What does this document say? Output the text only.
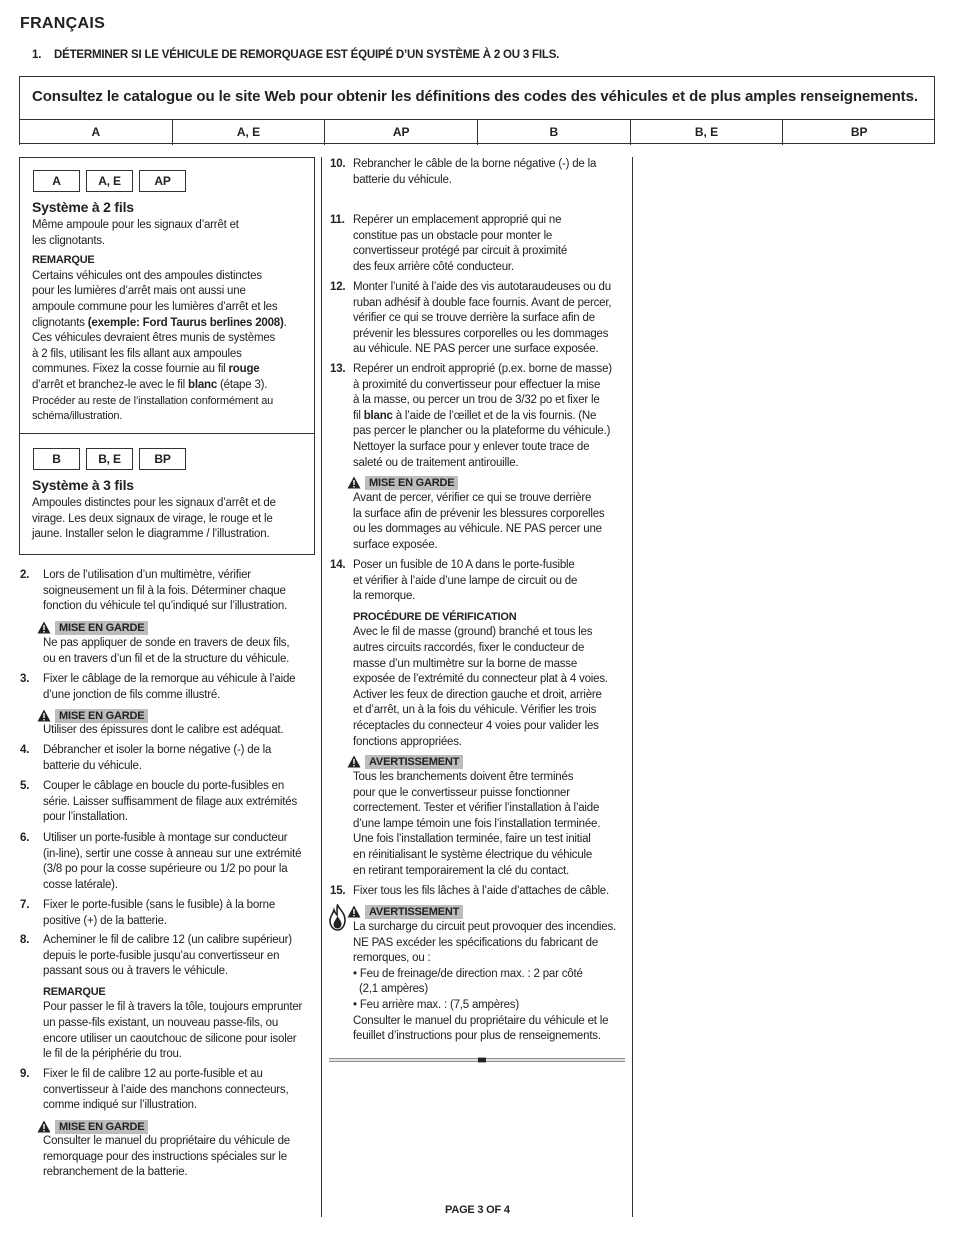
FRANÇAIS
1. DÉTERMINER SI LE VÉHICULE DE REMORQUAGE EST ÉQUIPÉ D’UN SYSTÈME À 2 OU 3 FILS.
Consultez le catalogue ou le site Web pour obtenir les définitions des codes des véhicules et de plus amples renseignements.
A	A, E	AP	B	B, E	BP
A	A, E	AP
Système à 2 fils
Même ampoule pour les signaux d’arrêt et
les clignotants.
REMARQUE
Certains véhicules ont des ampoules distinctes
pour les lumières d’arrêt mais ont aussi une
ampoule commune pour les lumières d’arrêt et les
clignotants (exemple: Ford Taurus berlines 2008).
Ces véhicules devraient êtres munis de systèmes
à 2 fils, utilisant les fils allant aux ampoules
communes. Fixez la cosse fournie au fil rouge
d’arrêt et branchez-le avec le fil blanc (étape 3).
Procéder au reste de l’installation conformément au
schéma/illustration.
B	B, E	BP
Système à 3 fils
Ampoules distinctes pour les signaux d’arrêt et de
virage. Les deux signaux de virage, le rouge et le
jaune. Installer selon le diagramme / l’illustration.
2. Lors de l’utilisation d’un multimètre, vérifier
soigneusement un fil à la fois. Déterminer chaque
fonction du véhicule tel qu’indiqué sur l’illustration.
MISE EN GARDE
Ne pas appliquer de sonde en travers de deux fils,
ou en travers d’un fil et de la structure du véhicule.
3. Fixer le câblage de la remorque au véhicule à l’aide
d’une jonction de fils comme illustré.
MISE EN GARDE
Utiliser des épissures dont le calibre est adéquat.
4. Débrancher et isoler la borne négative (-) de la
batterie du véhicule.
5. Couper le câblage en boucle du porte-fusibles en
série. Laisser suffisamment de filage aux extrémités
pour l’installation.
6. Utiliser un porte-fusible à montage sur conducteur
(in-line), sertir une cosse à anneau sur une extrémité
(3/8 po pour la cosse supérieure ou 1/2 po pour la
cosse latérale).
7. Fixer le porte-fusible (sans le fusible) à la borne
positive (+) de la batterie.
8. Acheminer le fil de calibre 12 (un calibre supérieur)
depuis le porte-fusible jusqu’au convertisseur en
passant sous ou à travers le véhicule.
REMARQUE
Pour passer le fil à travers la tôle, toujours emprunter
un passe-fils existant, un nouveau passe-fils, ou
encore utiliser un caoutchouc de silicone pour isoler
le fil de la périphérie du trou.
9. Fixer le fil de calibre 12 au porte-fusible et au
convertisseur à l’aide des manchons connecteurs,
comme indiqué sur l’illustration.
MISE EN GARDE
Consulter le manuel du propriétaire du véhicule de
remorquage pour des instructions spéciales sur le
rebranchement de la batterie.
10. Rebrancher le câble de la borne négative (-) de la
batterie du véhicule.
11. Repérer un emplacement approprié qui ne
constitue pas un obstacle pour monter le
convertisseur protégé par circuit à proximité
des feux arrière côté conducteur.
12. Monter l’unité à l’aide des vis autotaraudeuses ou du
ruban adhésif à double face fournis. Avant de percer,
vérifier ce qui se trouve derrière la surface afin de
prévenir les blessures corporelles ou les dommages
au véhicule. NE PAS percer une surface exposée.
13. Repérer un endroit approprié (p.ex. borne de masse)
à proximité du convertisseur pour effectuer la mise
à la masse, ou percer un trou de 3/32 po et fixer le
fil blanc à l’aide de l’œillet et de la vis fournis. (Ne
pas percer le plancher ou la plateforme du véhicule.)
Nettoyer la surface pour y enlever toute trace de
saleté ou de traitement antirouille.
MISE EN GARDE
Avant de percer, vérifier ce qui se trouve derrière
la surface afin de prévenir les blessures corporelles
ou les dommages au véhicule. NE PAS percer une
surface exposée.
14. Poser un fusible de 10 A dans le porte-fusible
et vérifier à l’aide d’une lampe de circuit ou de
la remorque.
PROCÉDURE DE VÉRIFICATION
Avec le fil de masse (ground) branché et tous les
autres circuits raccordés, fixer le conducteur de
masse d’un multimètre sur la borne de masse
exposée de l’extrémité du connecteur plat à 4 voies.
Activer les feux de direction gauche et droit, arrière
et d’arrêt, un à la fois du véhicule. Vérifier les trois
réceptacles du connecteur 4 voies pour valider les
fonctions appropriées.
AVERTISSEMENT
Tous les branchements doivent être terminés
pour que le convertisseur puisse fonctionner
correctement. Tester et vérifier l’installation à l’aide
d’une lampe témoin une fois l’installation terminée.
Une fois l’installation terminée, faire un test initial
en réinitialisant le système électrique du véhicule
en retirant temporairement la clé du contact.
15. Fixer tous les fils lâches à l’aide d’attaches de câble.
AVERTISSEMENT
La surcharge du circuit peut provoquer des incendies.
NE PAS excéder les spécifications du fabricant de
remorques, ou :
• Feu de freinage/de direction max. : 2 par côté
(2,1 ampères)
• Feu arrière max. : (7,5 ampères)
Consulter le manuel du propriétaire du véhicule et le
feuillet d’instructions pour plus de renseignements.
PAGE 3 OF 4
